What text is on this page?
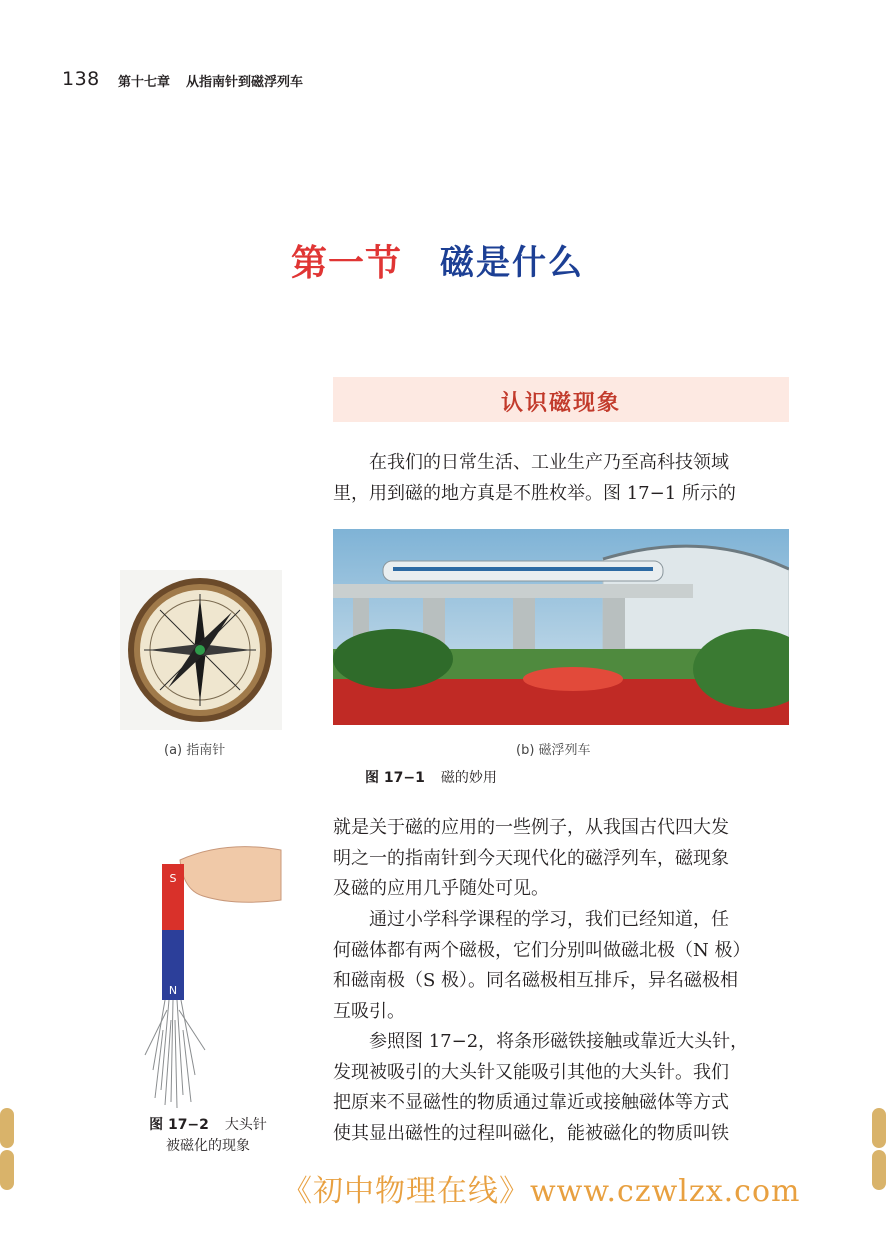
138 第十七章 从指南针到磁浮列车
第一节 磁是什么
认识磁现象
在我们的日常生活、工业生产乃至高科技领域
里，用到磁的地方真是不胜枚举。图 17−1 所示的
(a) 指南针	(b) 磁浮列车
图 17−1 磁的妙用
S
N
图 17−2 大头针
被磁化的现象
就是关于磁的应用的一些例子，从我国古代四大发
明之一的指南针到今天现代化的磁浮列车，磁现象
及磁的应用几乎随处可见。
通过小学科学课程的学习，我们已经知道，任
何磁体都有两个磁极，它们分别叫做磁北极（N 极）
和磁南极（S 极）。同名磁极相互排斥，异名磁极相
互吸引。
参照图 17−2，将条形磁铁接触或靠近大头针，
发现被吸引的大头针又能吸引其他的大头针。我们
把原来不显磁性的物质通过靠近或接触磁体等方式
使其显出磁性的过程叫磁化，能被磁化的物质叫铁
《初中物理在线》www.czwlzx.com
